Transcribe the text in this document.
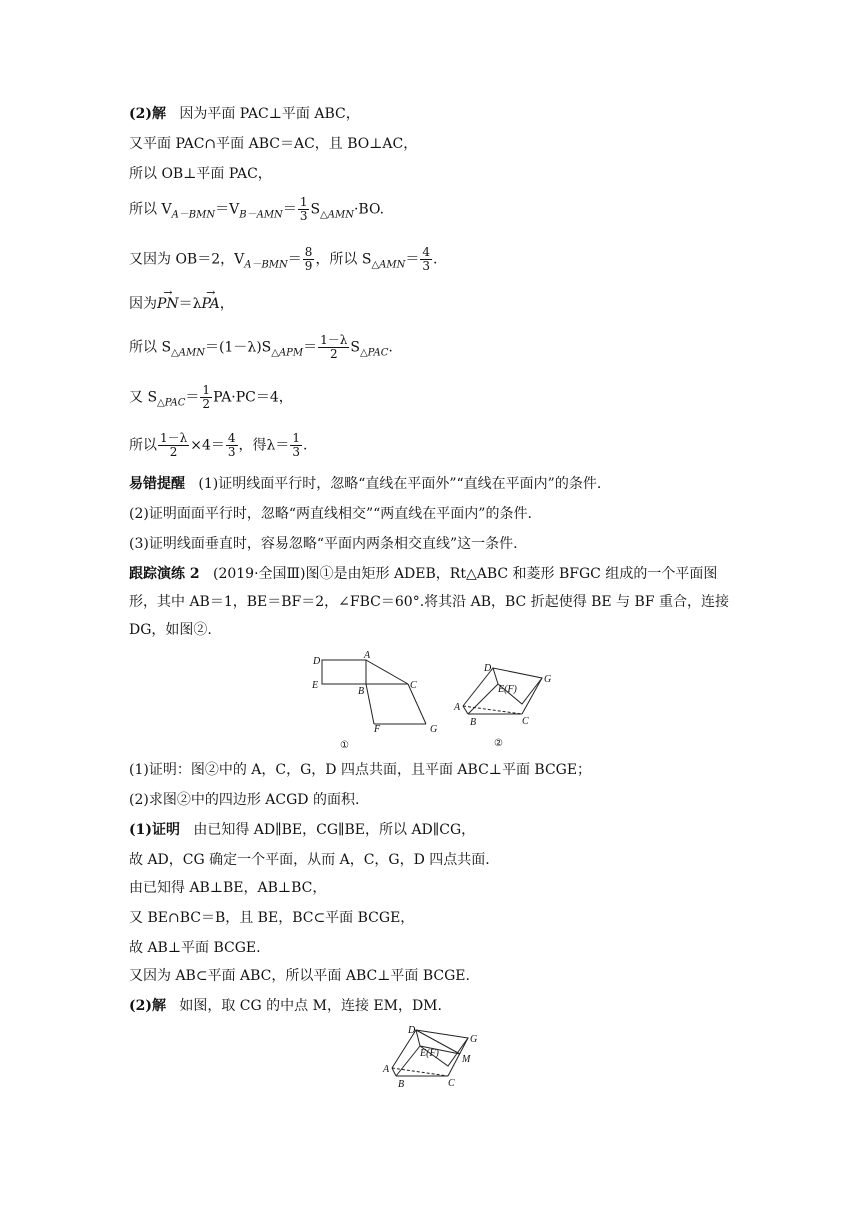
(2)解 因为平面 PAC⊥平面 ABC，
又平面 PAC∩平面 ABC＝AC，且 BO⊥AC，
所以 OB⊥平面 PAC，
所以 $V_{A-BMN}=V_{B-AMN}= \frac{1}{3} S_{\triangle AMN}\cdot BO$.
又因为 OB＝2，$V_{A-BMN}= \frac{8}{9}$ ，所以 $S_{\triangle AMN}= \frac{4}{3}$ .
因为→ PN＝λ→ PA，
所以 $S_{\triangle AMN}=(1-\lambda)S_{\triangle APM}= \frac{1-\lambda}{2} S_{\triangle PAC}$.
又 $S_{\triangle PAC}= \frac{1}{2} PA\cdot PC=4$，
所以 $\frac{1-\lambda}{2} \times 4= \frac{4}{3}$ ，得$\lambda= \frac{1}{3}$ .
易错提醒 (1)证明线面平行时，忽略“直线在平面外”“直线在平面内”的条件.
(2)证明面面平行时，忽略“两直线相交”“两直线在平面内”的条件.
(3)证明线面垂直时，容易忽略“平面内两条相交直线”这一条件.
跟踪演练 2 (2019·全国Ⅲ)图①是由矩形 ADEB，Rt△ABC 和菱形 BFGC 组成的一个平面图
形，其中 AB＝1，BE＝BF＝2，∠FBC＝60°.将其沿 AB，BC 折起使得 BE 与 BF 重合，连接
DG，如图②.
D
A
E
B
C
F	G
①
D
G
E(F)
A
B	C
②
(1)证明：图②中的 A，C，G，D 四点共面，且平面 ABC⊥平面 BCGE；
(2)求图②中的四边形 ACGD 的面积.
(1)证明 由已知得 AD∥BE，CG∥BE，所以 AD∥CG，
故 AD，CG 确定一个平面，从而 A，C，G，D 四点共面.
由已知得 AB⊥BE，AB⊥BC，
又 BE∩BC＝B，且 BE，BC⊂平面 BCGE，
故 AB⊥平面 BCGE.
又因为 AB⊂平面 ABC，所以平面 ABC⊥平面 BCGE.
(2)解 如图，取 CG 的中点 M，连接 EM，DM.
D
G
E(F)
M
A
B	C
